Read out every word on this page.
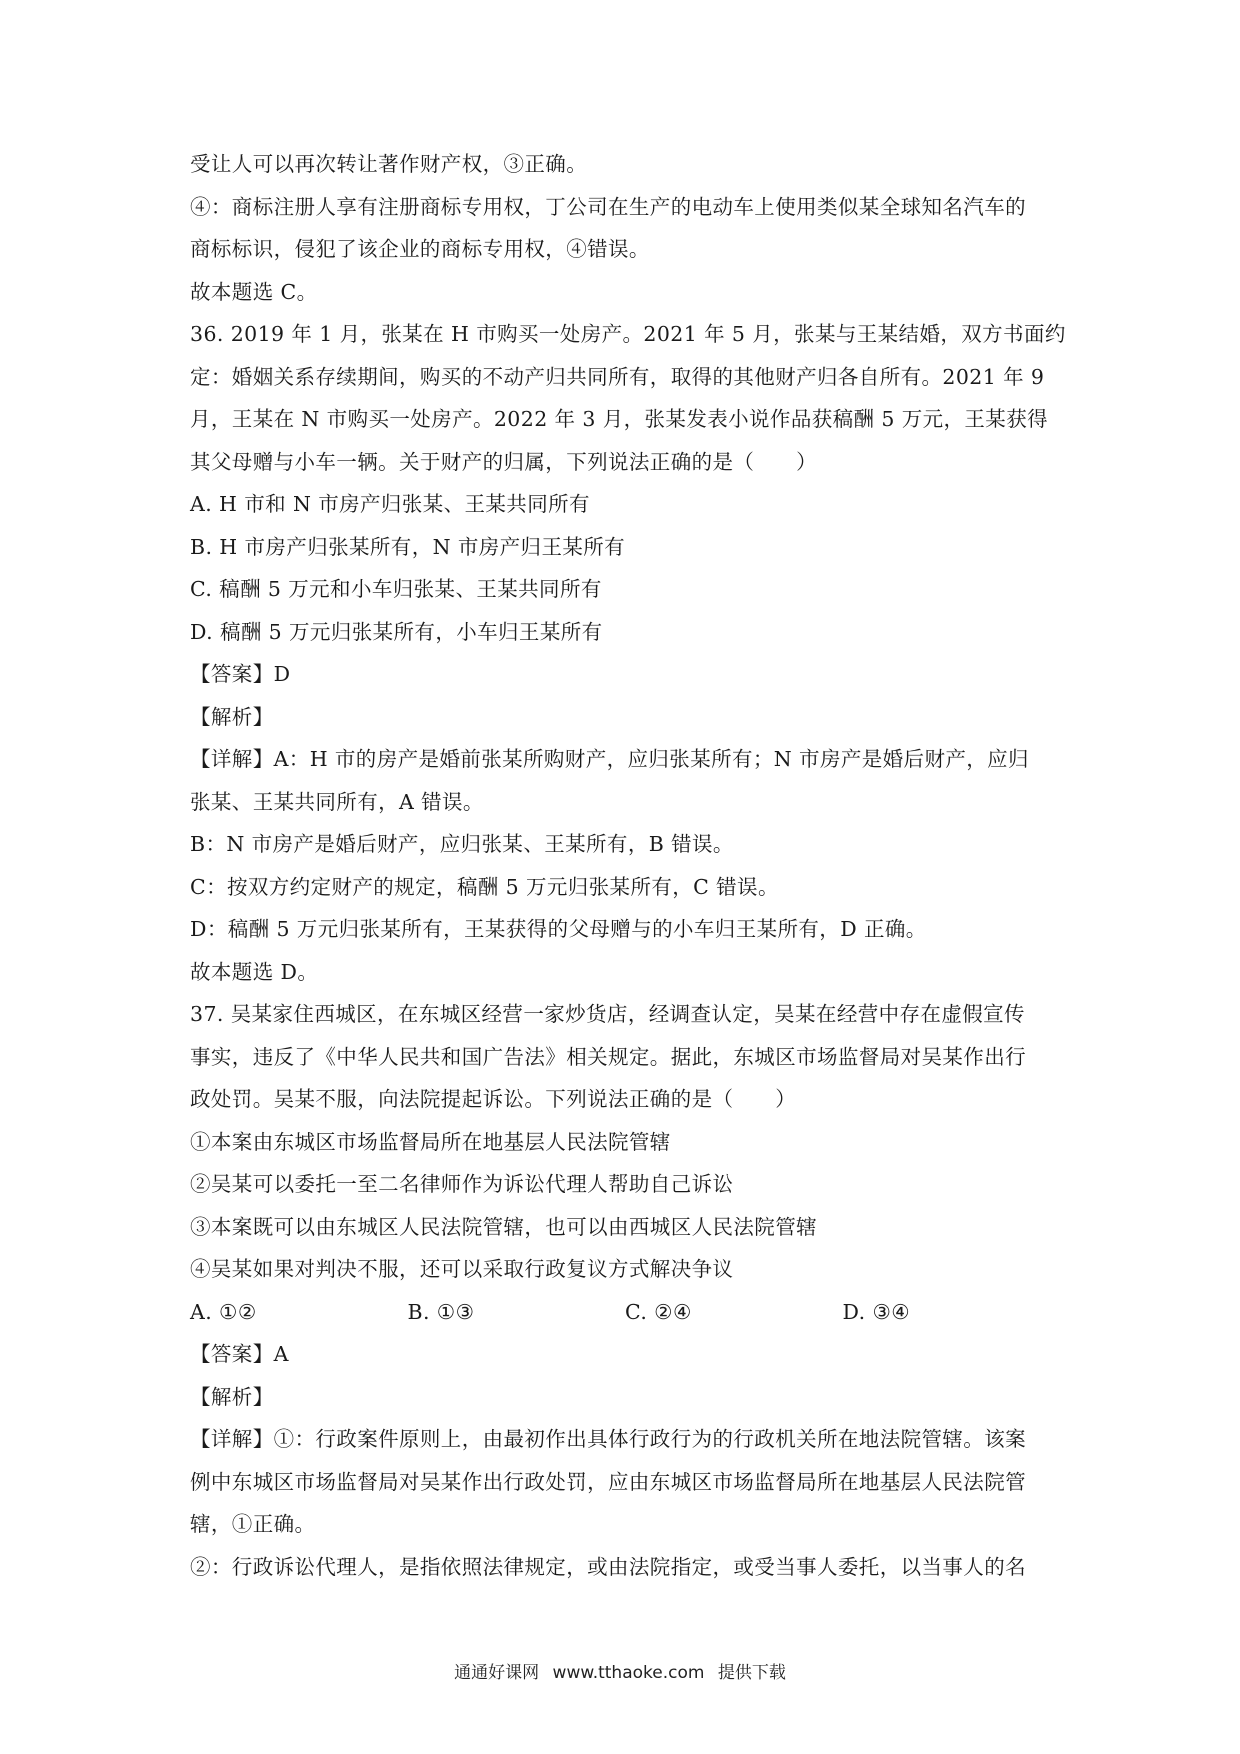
受让人可以再次转让著作财产权，③正确。
④：商标注册人享有注册商标专用权，丁公司在生产的电动车上使用类似某全球知名汽车的
商标标识，侵犯了该企业的商标专用权，④错误。
故本题选 C。
36. 2019 年 1 月，张某在 H 市购买一处房产。2021 年 5 月，张某与王某结婚，双方书面约
定：婚姻关系存续期间，购买的不动产归共同所有，取得的其他财产归各自所有。2021 年 9
月，王某在 N 市购买一处房产。2022 年 3 月，张某发表小说作品获稿酬 5 万元，王某获得
其父母赠与小车一辆。关于财产的归属，下列说法正确的是（　　）
A. H 市和 N 市房产归张某、王某共同所有
B. H 市房产归张某所有，N 市房产归王某所有
C. 稿酬 5 万元和小车归张某、王某共同所有
D. 稿酬 5 万元归张某所有，小车归王某所有
【答案】D
【解析】
【详解】A：H 市的房产是婚前张某所购财产，应归张某所有；N 市房产是婚后财产，应归
张某、王某共同所有，A 错误。
B：N 市房产是婚后财产，应归张某、王某所有，B 错误。
C：按双方约定财产的规定，稿酬 5 万元归张某所有，C 错误。
D：稿酬 5 万元归张某所有，王某获得的父母赠与的小车归王某所有，D 正确。
故本题选 D。
37. 吴某家住西城区，在东城区经营一家炒货店，经调查认定，吴某在经营中存在虚假宣传
事实，违反了《中华人民共和国广告法》相关规定。据此，东城区市场监督局对吴某作出行
政处罚。吴某不服，向法院提起诉讼。下列说法正确的是（　　）
①本案由东城区市场监督局所在地基层人民法院管辖
②吴某可以委托一至二名律师作为诉讼代理人帮助自己诉讼
③本案既可以由东城区人民法院管辖，也可以由西城区人民法院管辖
④吴某如果对判决不服，还可以采取行政复议方式解决争议
A. ①②	B. ①③	C. ②④	D. ③④
【答案】A
【解析】
【详解】①：行政案件原则上，由最初作出具体行政行为的行政机关所在地法院管辖。该案
例中东城区市场监督局对吴某作出行政处罚，应由东城区市场监督局所在地基层人民法院管
辖，①正确。
②：行政诉讼代理人，是指依照法律规定，或由法院指定，或受当事人委托，以当事人的名
通通好课网 www.tthaoke.com 提供下载
